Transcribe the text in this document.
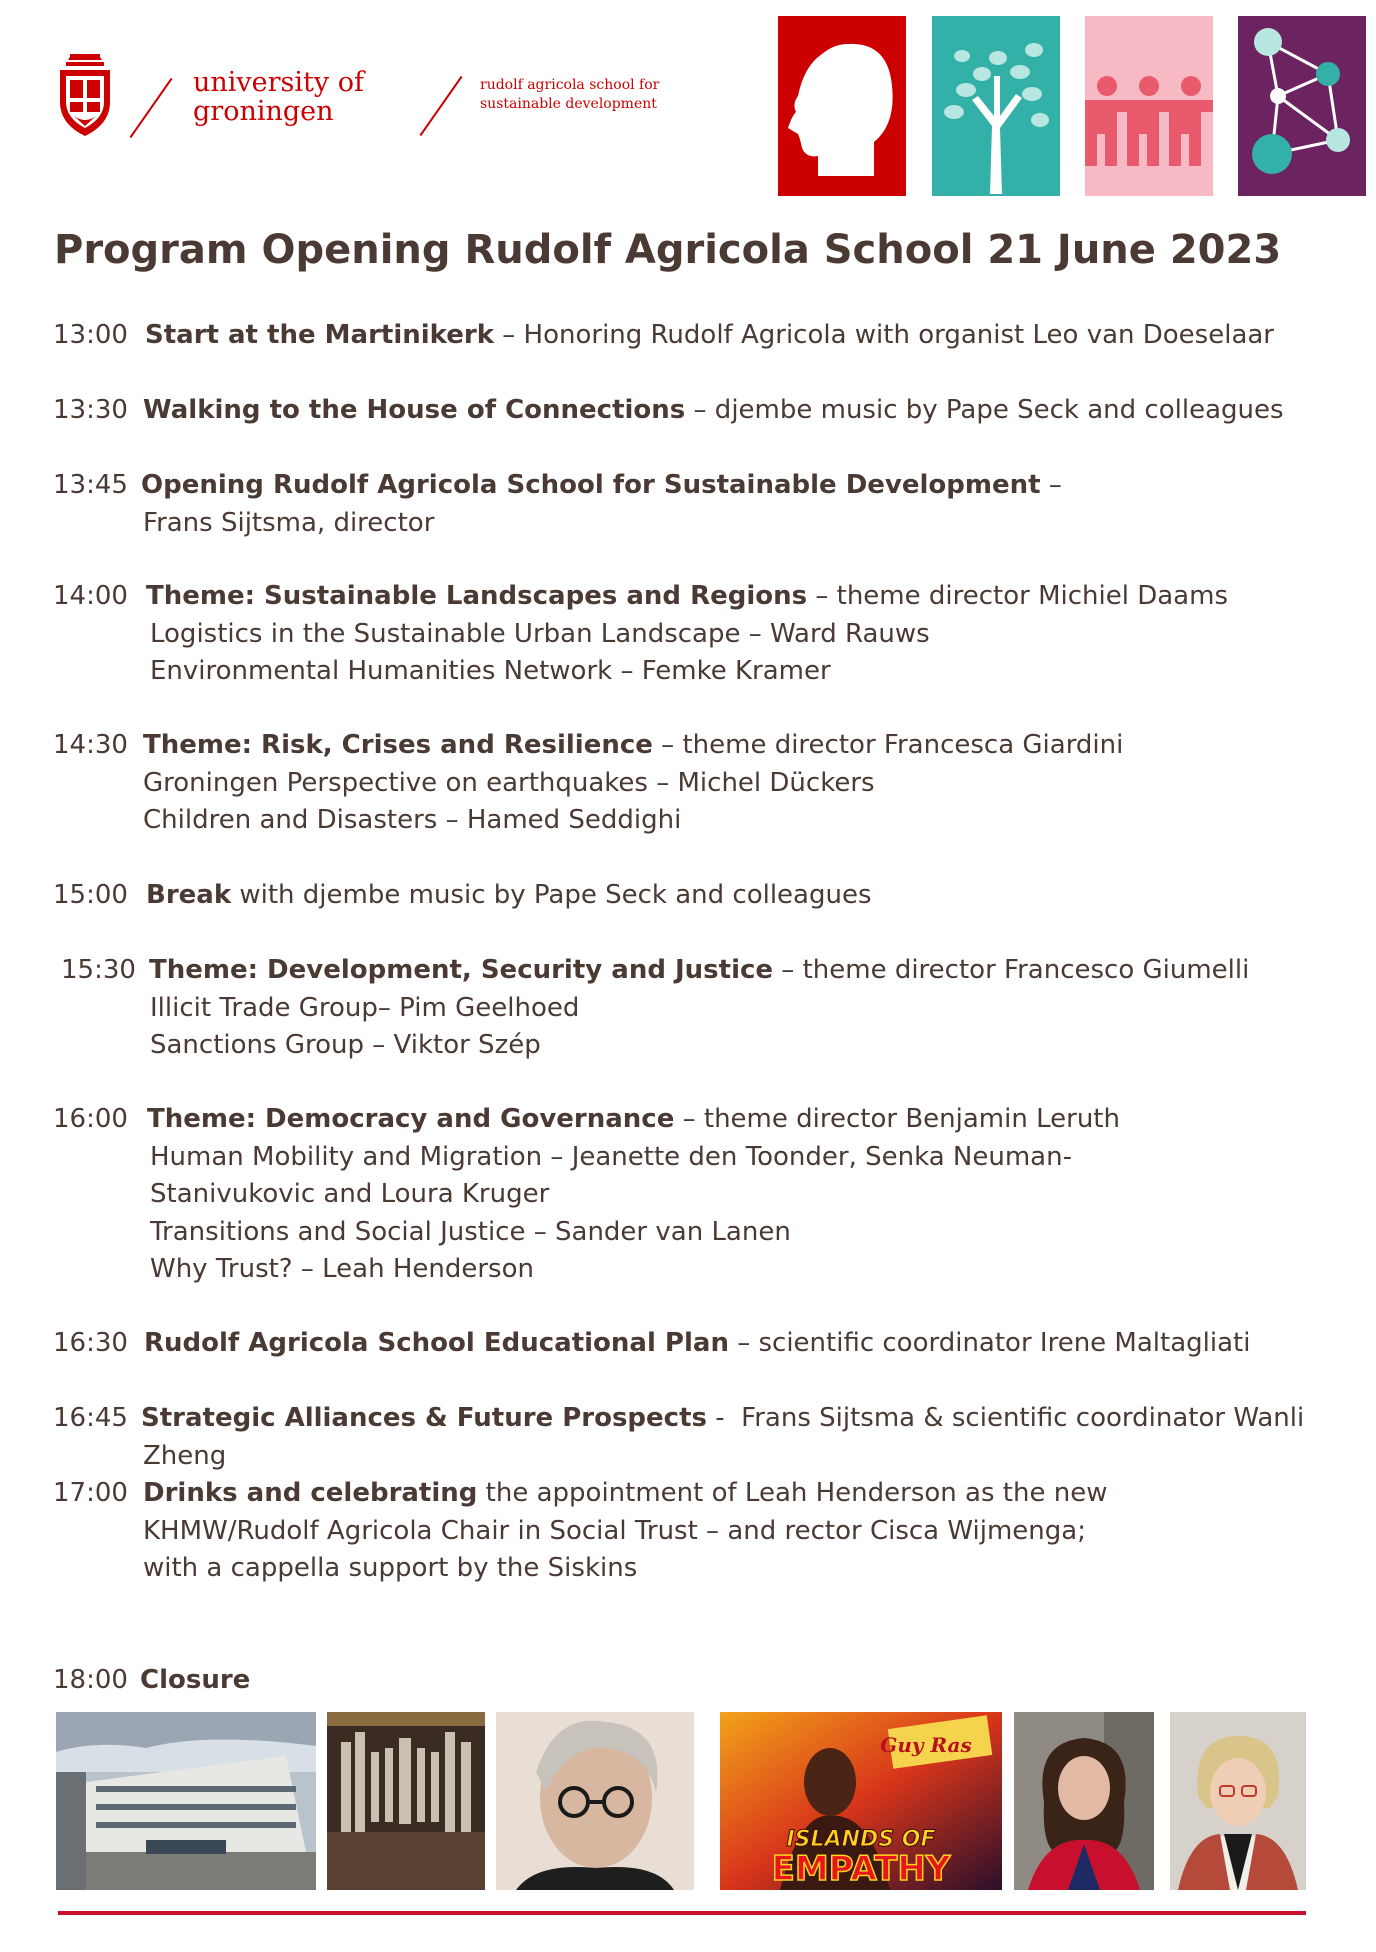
university of
groningen
rudolf agricola school for
sustainable development
Program Opening Rudolf Agricola School 21 June 2023
13:00 Start at the Martinikerk – Honoring Rudolf Agricola with organist Leo van Doeselaar
13:30 Walking to the House of Connections – djembe music by Pape Seck and colleagues
13:45 Opening Rudolf Agricola School for Sustainable Development –
Frans Sijtsma, director
14:00 Theme: Sustainable Landscapes and Regions – theme director Michiel Daams
Logistics in the Sustainable Urban Landscape – Ward Rauws
Environmental Humanities Network – Femke Kramer
14:30 Theme: Risk, Crises and Resilience – theme director Francesca Giardini
Groningen Perspective on earthquakes – Michel Dückers
Children and Disasters – Hamed Seddighi
15:00 Break with djembe music by Pape Seck and colleagues
15:30 Theme: Development, Security and Justice – theme director Francesco Giumelli
Illicit Trade Group– Pim Geelhoed
Sanctions Group – Viktor Szép
16:00 Theme: Democracy and Governance – theme director Benjamin Leruth
Human Mobility and Migration – Jeanette den Toonder, Senka Neuman-
Stanivukovic and Loura Kruger
Transitions and Social Justice – Sander van Lanen
Why Trust? – Leah Henderson
16:30 Rudolf Agricola School Educational Plan – scientific coordinator Irene Maltagliati
16:45 Strategic Alliances & Future Prospects -  Frans Sijtsma & scientific coordinator Wanli
Zheng
17:00 Drinks and celebrating the appointment of Leah Henderson as the new
KHMW/Rudolf Agricola Chair in Social Trust – and rector Cisca Wijmenga;
with a cappella support by the Siskins
18:00 Closure
Guy Ras
ISLANDS OF
EMPATHY
